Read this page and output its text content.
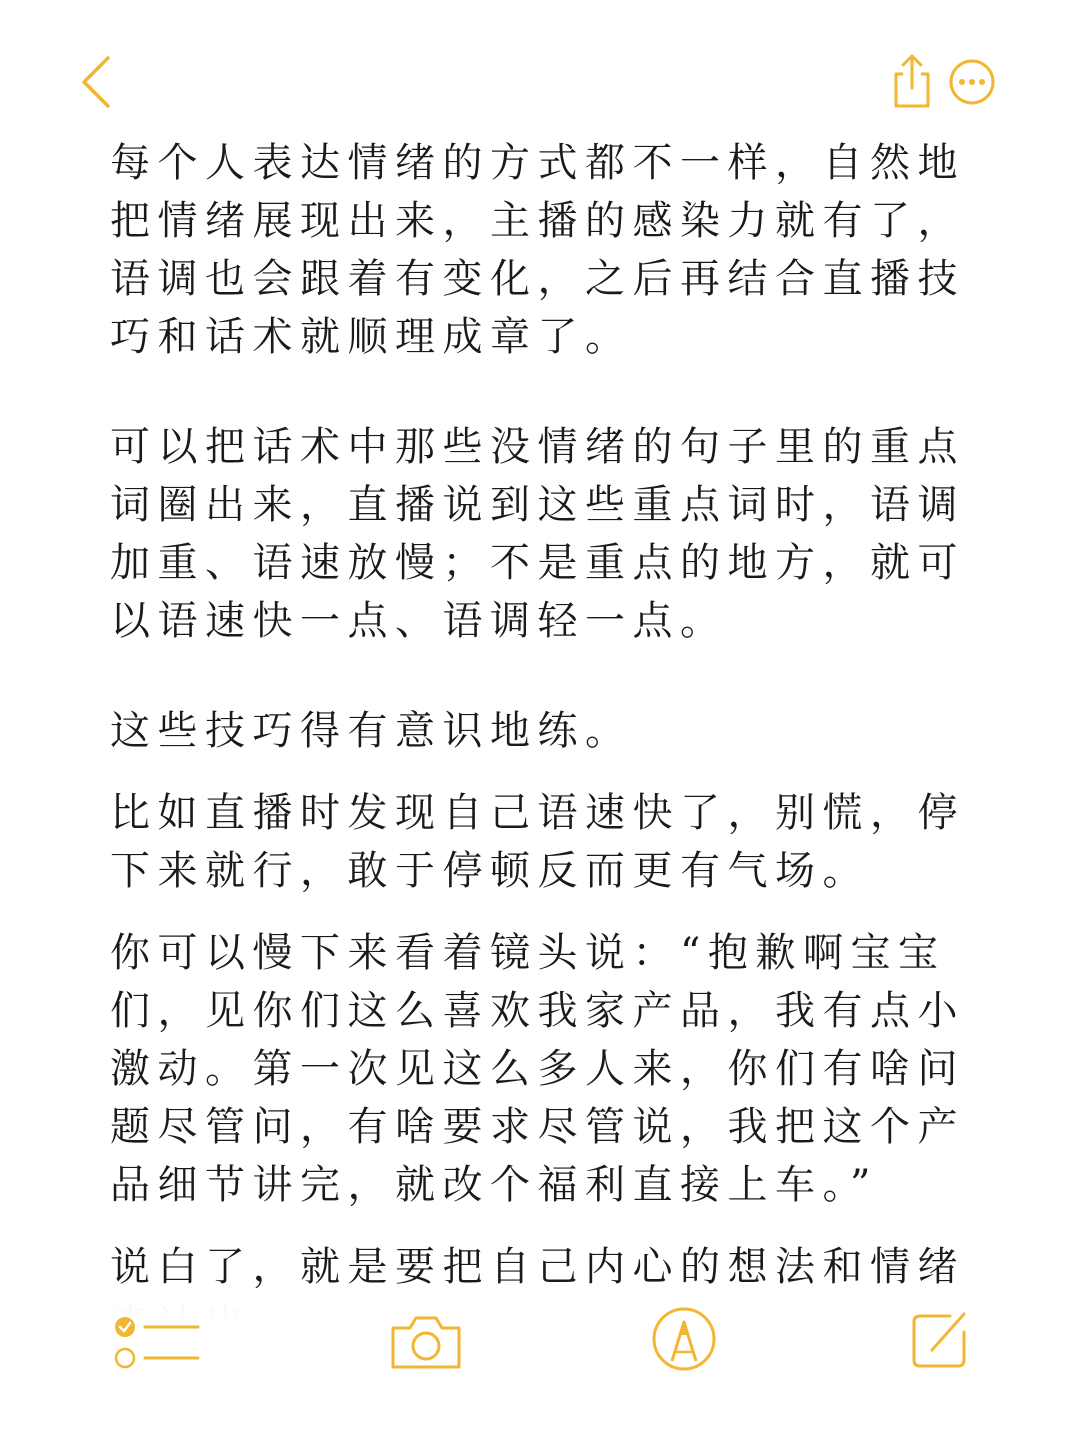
每个人表达情绪的方式都不一样，自然地把情绪展现出来，主播的感染力就有了，语调也会跟着有变化，之后再结合直播技巧和话术就顺理成章了。

可以把话术中那些没情绪的句子里的重点词圈出来，直播说到这些重点词时，语调加重、语速放慢；不是重点的地方，就可以语速快一点、语调轻一点。

这些技巧得有意识地练。

比如直播时发现自己语速快了，别慌，停下来就行，敢于停顿反而更有气场。

你可以慢下来看着镜头说：“抱歉啊宝宝们，见你们这么喜欢我家产品，我有点小激动。第一次见这么多人来，你们有啥问题尽管问，有啥要求尽管说，我把这个产品细节讲完，就改个福利直接上车。”

说白了，就是要把自己内心的想法和情绪
